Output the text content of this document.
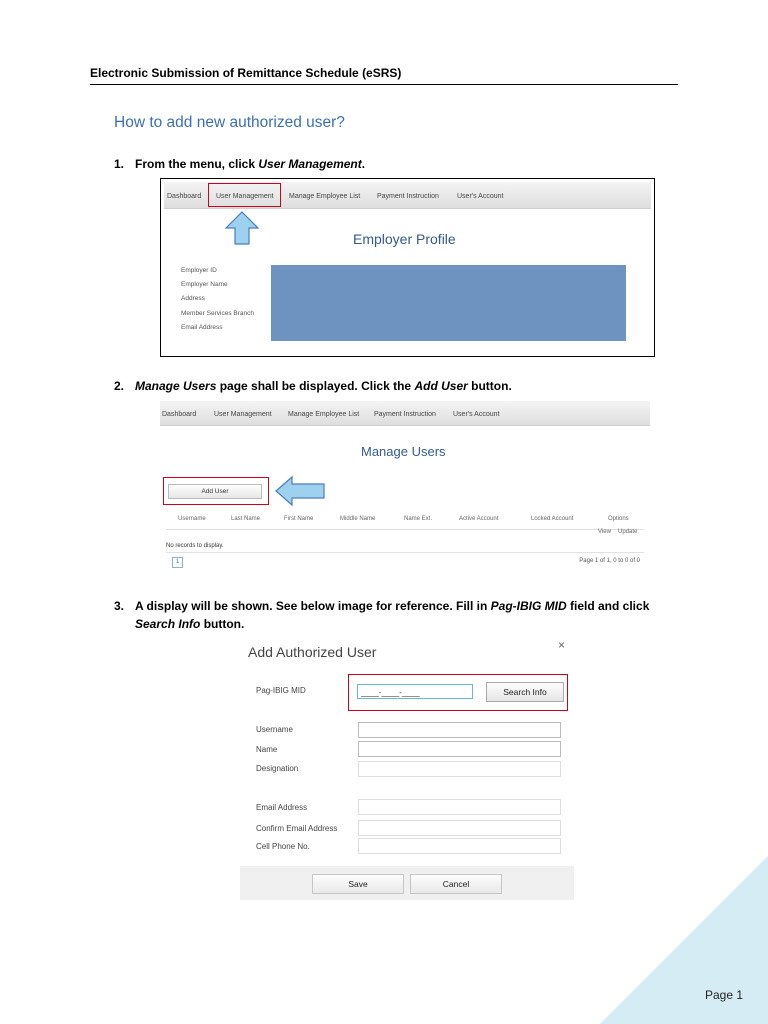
Electronic Submission of Remittance Schedule (eSRS)
How to add new authorized user?
1. From the menu, click User Management.
Dashboard User Management Manage Employee List Payment Instruction	User's Account
Employer Profile
Employer ID
Employer Name
Address
Member Services Branch
Email Address
2. Manage Users page shall be displayed. Click the Add User button.
Dashboard	User Management Manage Employee List Payment Instruction User's Account
Manage Users
Add User
Username	Last Name	First Name	Middle Name	Name Ext.	Active Account	Locked Account	Options
View Update
No records to display.
1	Page 1 of 1, 0 to 0 of 0
3. A display will be shown. See below image for reference. Fill in Pag-IBIG MID field and click
Search Info button.
Add Authorized User	×
Pag-IBIG MID	____-____-____	Search Info
Username
Name
Designation
Email Address
Confirm Email Address
Cell Phone No.
Save	Cancel
Page 1
